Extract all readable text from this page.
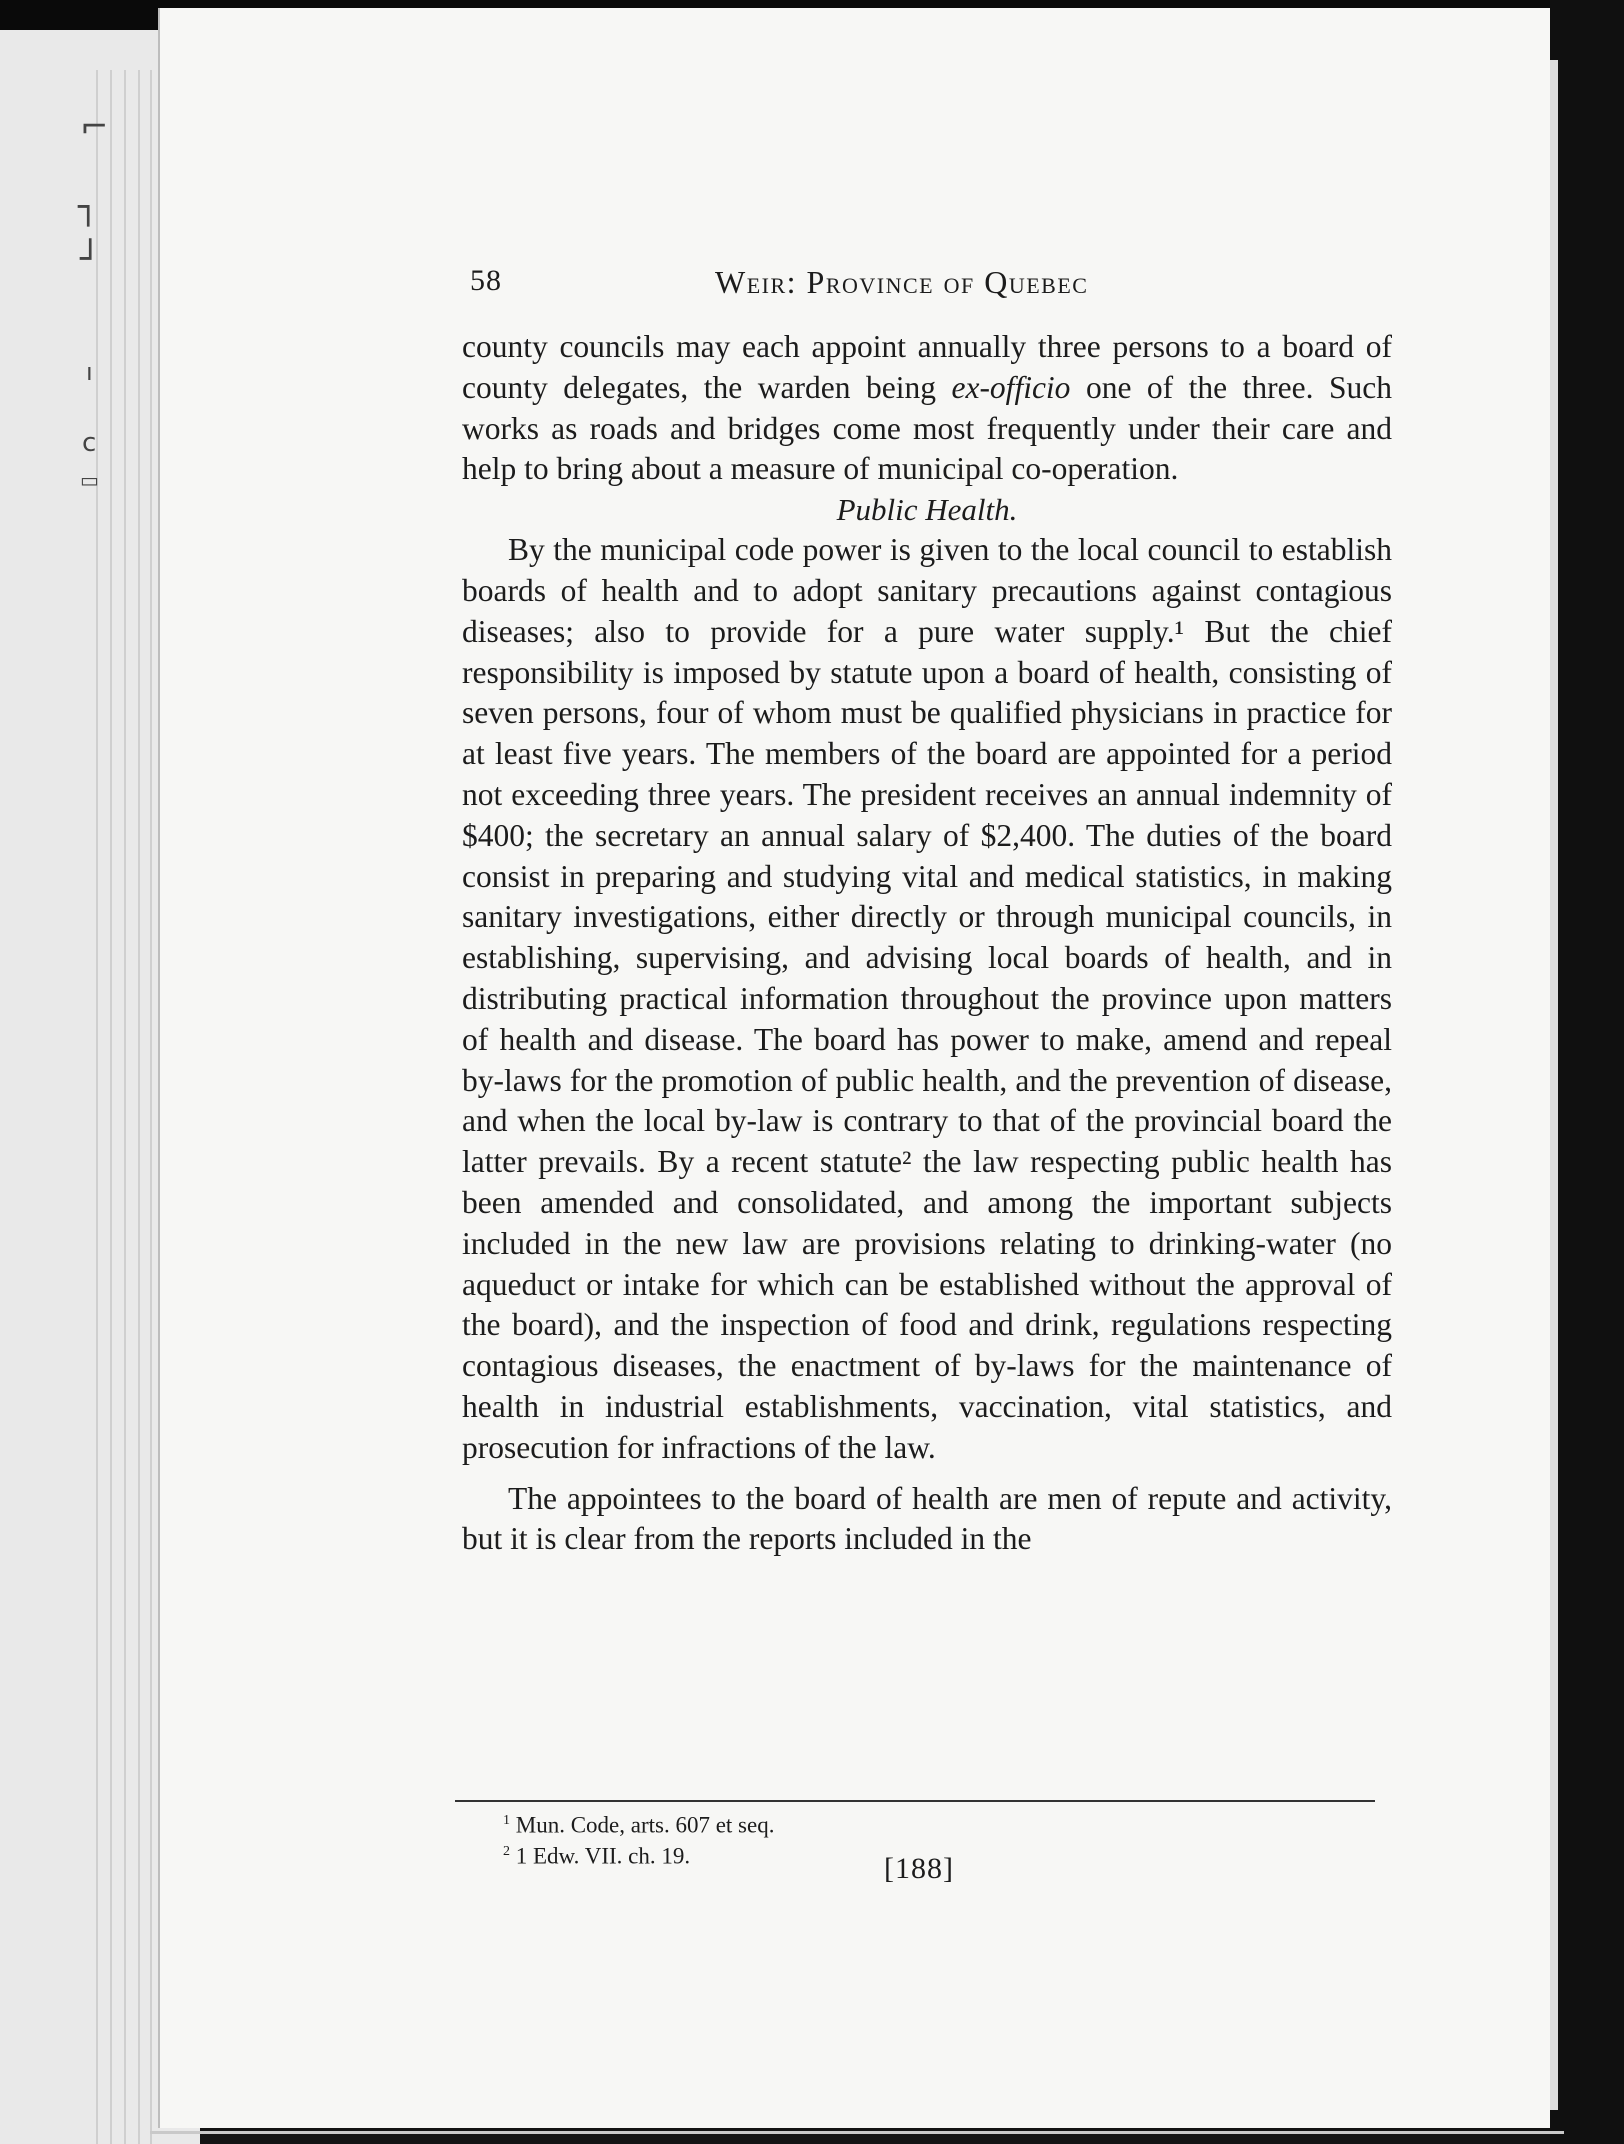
⌐
┐
┘
ı
c
▭
58	Weir: Province of Quebec

county councils may each appoint annually three persons to a board of county delegates, the warden being ex-officio one of the three. Such works as roads and bridges come most frequently under their care and help to bring about a measure of municipal co-operation.

Public Health.

By the municipal code power is given to the local council to establish boards of health and to adopt sanitary precautions against contagious diseases; also to provide for a pure water supply.¹ But the chief responsibility is imposed by statute upon a board of health, consisting of seven persons, four of whom must be qualified physicians in practice for at least five years. The members of the board are appointed for a period not exceeding three years. The president receives an annual indemnity of $400; the secretary an annual salary of $2,400. The duties of the board consist in preparing and studying vital and medical statistics, in making sanitary investigations, either directly or through municipal councils, in establishing, supervising, and advising local boards of health, and in distributing practical information throughout the province upon matters of health and disease. The board has power to make, amend and repeal by-laws for the promotion of public health, and the prevention of disease, and when the local by-law is contrary to that of the provincial board the latter prevails. By a recent statute² the law respecting public health has been amended and consolidated, and among the important subjects included in the new law are provisions relating to drinking-water (no aqueduct or intake for which can be established without the approval of the board), and the inspection of food and drink, regulations respecting contagious diseases, the enactment of by-laws for the maintenance of health in industrial establishments, vaccination, vital statistics, and prosecution for infractions of the law.

The appointees to the board of health are men of repute and activity, but it is clear from the reports included in the

$^1$ Mun. Code, arts. 607 et seq.
$^2$ 1 Edw. VII. ch. 19.	[188]
